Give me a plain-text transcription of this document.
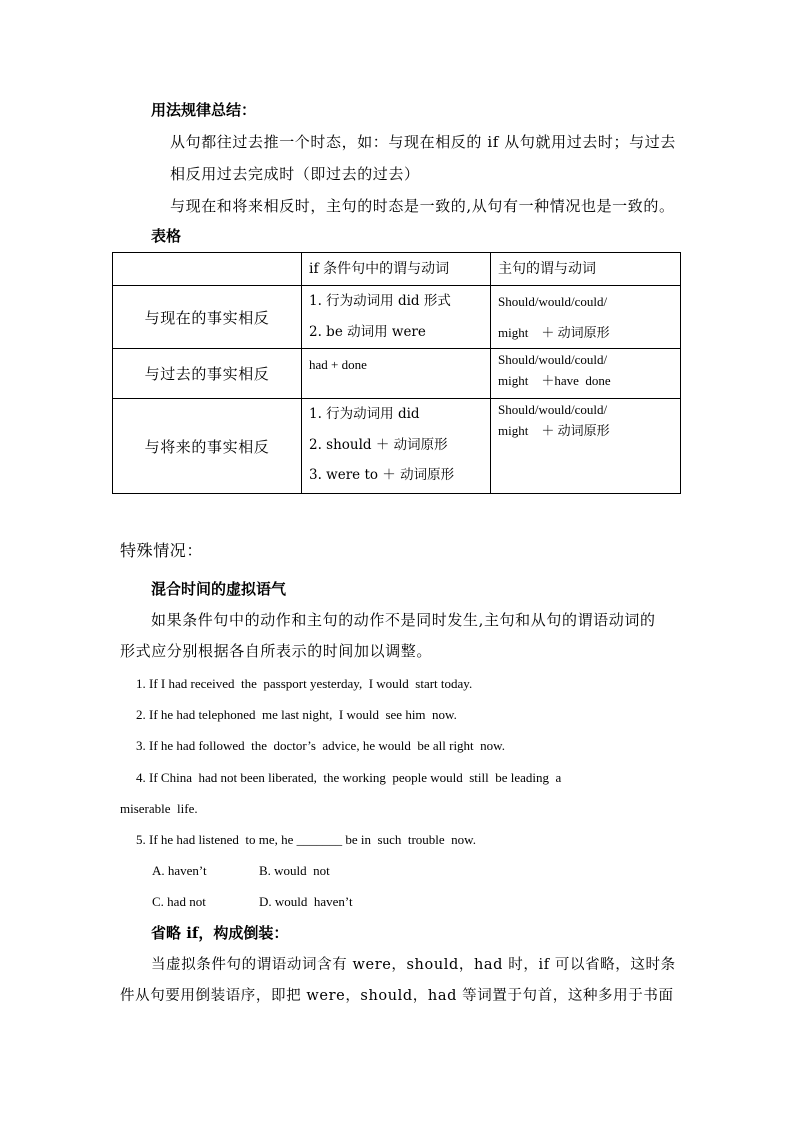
用法规律总结：
从句都往过去推一个时态，如：与现在相反的 if 从句就用过去时；与过去
相反用过去完成时（即过去的过去）
与现在和将来相反时，主句的时态是一致的,从句有一种情况也是一致的。
表格

	if 条件句中的谓与动词	主句的谓与动词

与现在的事实相反	1. 行为动词用 did 形式
2. be 动词用 were	Should/would/could/
might    ＋ 动词原形

与过去的事实相反	had + done	Should/would/could/
might    ＋have  done

与将来的事实相反	1. 行为动词用 did
2. should ＋ 动词原形
3. were to ＋ 动词原形	Should/would/could/
might    ＋ 动词原形
特殊情况：
混合时间的虚拟语气
如果条件句中的动作和主句的动作不是同时发生,主句和从句的谓语动词的
形式应分别根据各自所表示的时间加以调整。
1. If I had received  the  passport yesterday,  I would  start today.
2. If he had telephoned  me last night,  I would  see him  now.
3. If he had followed  the  doctor’s  advice, he would  be all right  now.
4. If China  had not been liberated,  the working  people would  still  be leading  a
miserable  life.
5. If he had listened  to me, he _______ be in  such  trouble  now.
A. haven’t	B. would  not
C. had not	D. would  haven’t
省略 if，构成倒装：
当虚拟条件句的谓语动词含有 were，should，had 时，if 可以省略，这时条
件从句要用倒装语序，即把 were，should，had 等词置于句首，这种多用于书面
